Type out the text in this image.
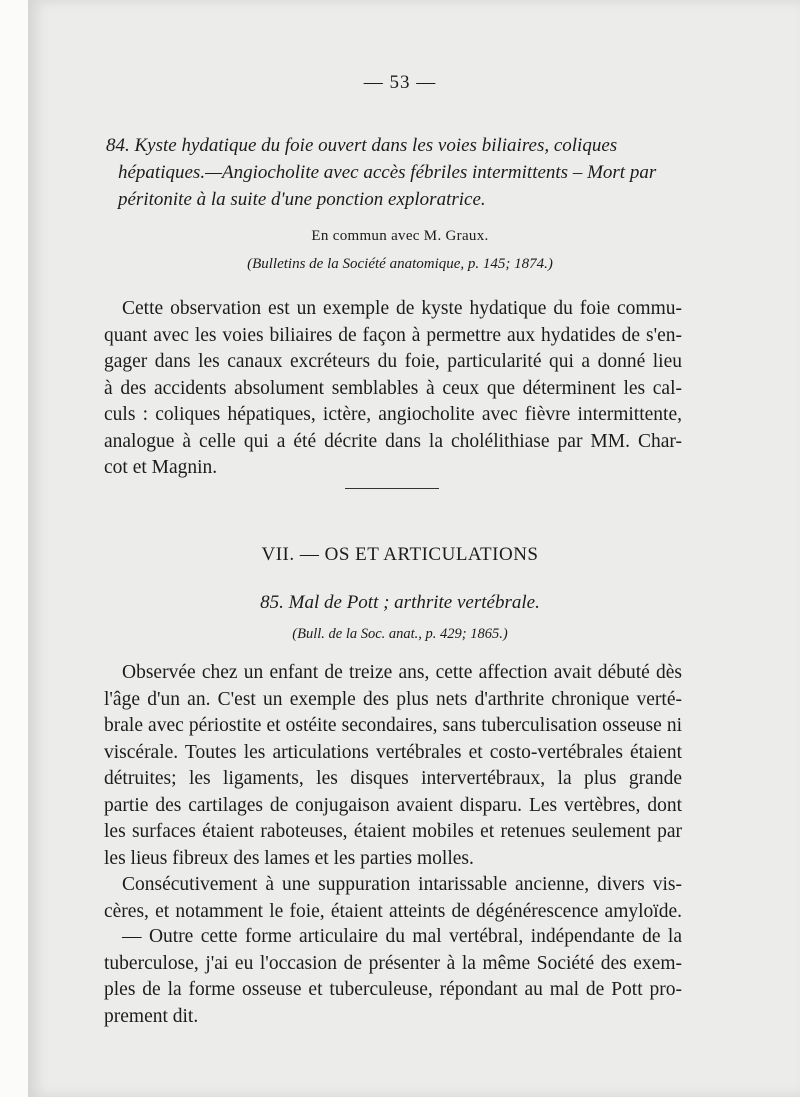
— 53 —
84. Kyste hydatique du foie ouvert dans les voies biliaires, coliques
hépatiques.—Angiocholite avec accès fébriles intermittents – Mort par
péritonite à la suite d'une ponction exploratrice.
En commun avec M. Graux.
(Bulletins de la Société anatomique, p. 145; 1874.)
Cette observation est un exemple de kyste hydatique du foie commu-
quant avec les voies biliaires de façon à permettre aux hydatides de s'en-
gager dans les canaux excréteurs du foie, particularité qui a donné lieu
à des accidents absolument semblables à ceux que déterminent les cal-
culs : coliques hépatiques, ictère, angiocholite avec fièvre intermittente,
analogue à celle qui a été décrite dans la cholélithiase par MM. Char-
cot et Magnin.
VII. — OS ET ARTICULATIONS
85. Mal de Pott ; arthrite vertébrale.
(Bull. de la Soc. anat., p. 429; 1865.)
Observée chez un enfant de treize ans, cette affection avait débuté dès
l'âge d'un an. C'est un exemple des plus nets d'arthrite chronique verté-
brale avec périostite et ostéite secondaires, sans tuberculisation osseuse ni
viscérale. Toutes les articulations vertébrales et costo-vertébrales étaient
détruites; les ligaments, les disques intervertébraux, la plus grande
partie des cartilages de conjugaison avaient disparu. Les vertèbres, dont
les surfaces étaient raboteuses, étaient mobiles et retenues seulement par
les lieus fibreux des lames et les parties molles.
Consécutivement à une suppuration intarissable ancienne, divers vis-
cères, et notamment le foie, étaient atteints de dégénérescence amyloïde.
— Outre cette forme articulaire du mal vertébral, indépendante de la
tuberculose, j'ai eu l'occasion de présenter à la même Société des exem-
ples de la forme osseuse et tuberculeuse, répondant au mal de Pott pro-
prement dit.
